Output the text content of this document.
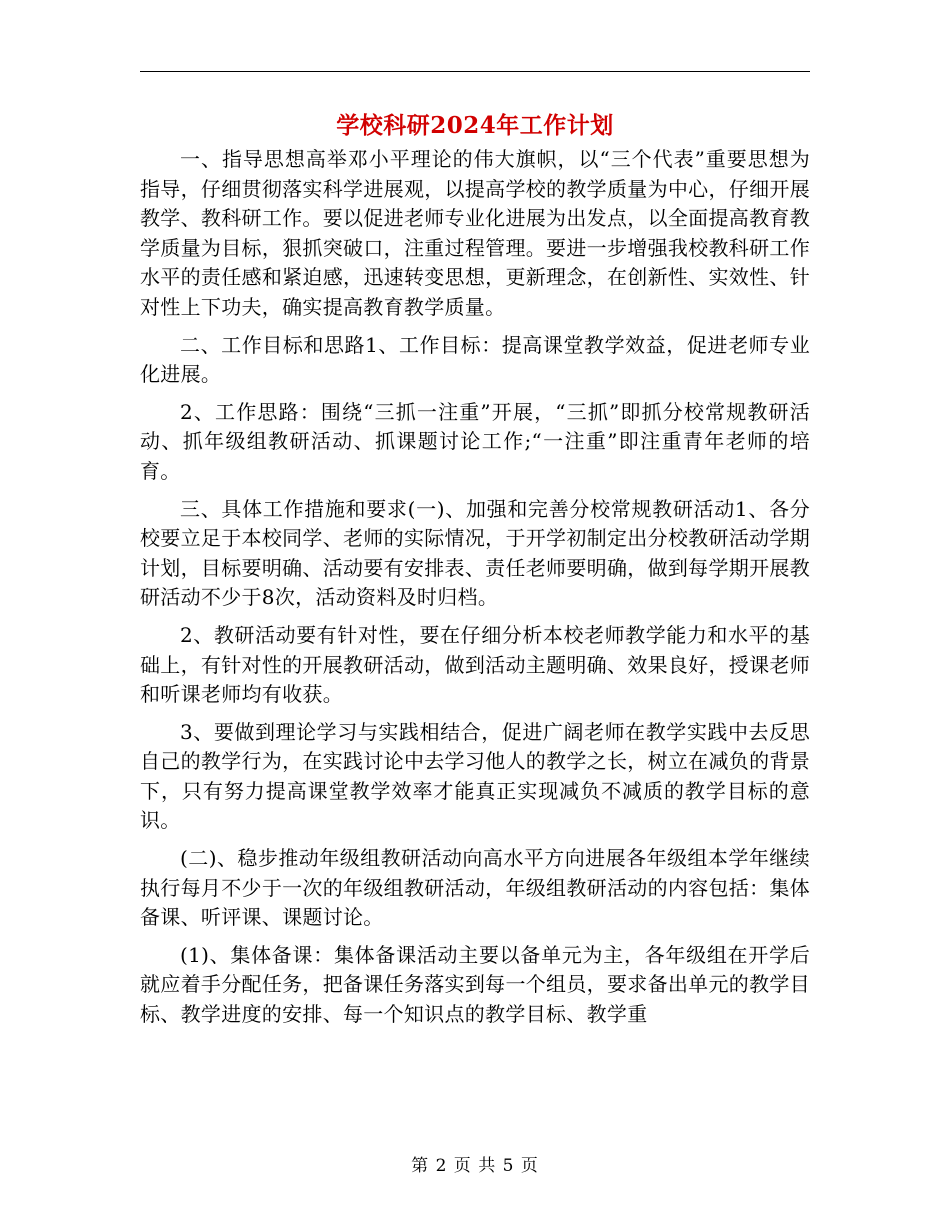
学校科研2024年工作计划

一、指导思想高举邓小平理论的伟大旗帜，以“三个代表”重要思想为指导，仔细贯彻落实科学进展观，以提高学校的教学质量为中心，仔细开展教学、教科研工作。要以促进老师专业化进展为出发点，以全面提高教育教学质量为目标，狠抓突破口，注重过程管理。要进一步增强我校教科研工作水平的责任感和紧迫感，迅速转变思想，更新理念，在创新性、实效性、针对性上下功夫，确实提高教育教学质量。

二、工作目标和思路1、工作目标：提高课堂教学效益，促进老师专业化进展。

2、工作思路：围绕“三抓一注重”开展，“三抓”即抓分校常规教研活动、抓年级组教研活动、抓课题讨论工作;“一注重”即注重青年老师的培育。

三、具体工作措施和要求(一)、加强和完善分校常规教研活动1、各分校要立足于本校同学、老师的实际情况，于开学初制定出分校教研活动学期计划，目标要明确、活动要有安排表、责任老师要明确，做到每学期开展教研活动不少于8次，活动资料及时归档。

2、教研活动要有针对性，要在仔细分析本校老师教学能力和水平的基础上，有针对性的开展教研活动，做到活动主题明确、效果良好，授课老师和听课老师均有收获。

3、要做到理论学习与实践相结合，促进广阔老师在教学实践中去反思自己的教学行为，在实践讨论中去学习他人的教学之长，树立在减负的背景下，只有努力提高课堂教学效率才能真正实现减负不减质的教学目标的意识。

(二)、稳步推动年级组教研活动向高水平方向进展各年级组本学年继续执行每月不少于一次的年级组教研活动，年级组教研活动的内容包括：集体备课、听评课、课题讨论。

(1)、集体备课：集体备课活动主要以备单元为主，各年级组在开学后就应着手分配任务，把备课任务落实到每一个组员，要求备出单元的教学目标、教学进度的安排、每一个知识点的教学目标、教学重

第 2 页 共 5 页
